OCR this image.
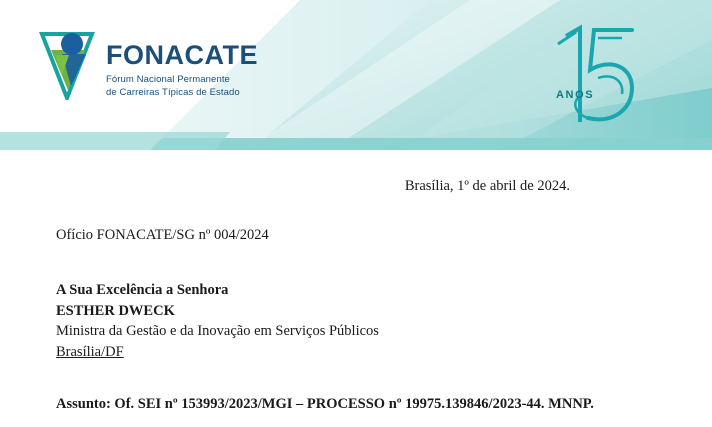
FONACATE
Fórum Nacional Permanente
de Carreiras Típicas de Estado	ANOS
Brasília, 1º de abril de 2024.
Ofício FONACATE/SG nº 004/2024
A Sua Excelência a Senhora
ESTHER DWECK
Ministra da Gestão e da Inovação em Serviços Públicos
Brasília/DF
Assunto: Of. SEI nº 153993/2023/MGI – PROCESSO nº 19975.139846/2023-44. MNNP.
